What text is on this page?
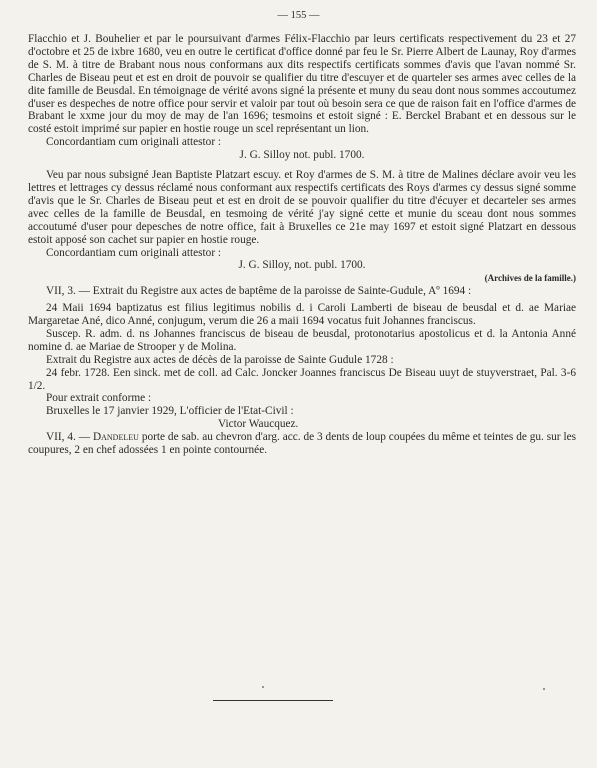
— 155 —

Flacchio et J. Bouhelier et par le poursuivant d'armes Félix-Flacchio par leurs certificats respectivement du 23 et 27 d'octobre et 25 de ixbre 1680, veu en outre le certificat d'office donné par feu le Sr. Pierre Albert de Launay, Roy d'armes de S. M. à titre de Brabant nous nous conformans aux dits respectifs certificats sommes d'avis que l'avan nommé Sr. Charles de Biseau peut et est en droit de pouvoir se qualifier du titre d'escuyer et de quarteler ses armes avec celles de la dite famille de Beusdal. En témoignage de vérité avons signé la présente et muny du seau dont nous sommes accoutumez d'user es despeches de notre office pour servir et valoir par tout où besoin sera ce que de raison fait en l'office d'armes de Brabant le xxme jour du moy de may de l'an 1696; tesmoins et estoit signé : E. Berckel Brabant et en dessous sur le costé estoit imprimé sur papier en hostie rouge un scel représentant un lion.

Concordantiam cum originali attestor :

J. G. Silloy not. publ. 1700.

Veu par nous subsigné Jean Baptiste Platzart escuy. et Roy d'armes de S. M. à titre de Malines déclare avoir veu les lettres et lettrages cy dessus réclamé nous conformant aux respectifs certificats des Roys d'armes cy dessus signé somme d'avis que le Sr. Charles de Biseau peut et est en droit de se pouvoir qualifier du titre d'écuyer et decarteler ses armes avec celles de la famille de Beusdal, en tesmoing de vérité j'ay signé cette et munie du sceau dont nous sommes accoutumé d'user pour depesches de notre office, fait à Bruxelles ce 21e may 1697 et estoit signé Platzart en dessous estoit apposé son cachet sur papier en hostie rouge.

Concordantiam cum originali attestor :

J. G. Silloy, not. publ. 1700.

(Archives de la famille.)

VII, 3. — Extrait du Registre aux actes de baptême de la paroisse de Sainte-Gudule, Aº 1694 :

24 Maii 1694 baptizatus est filius legitimus nobilis d. i Caroli Lamberti de biseau de beusdal et d. ae Mariae Margaretae Ané, dico Anné, conjugum, verum die 26 a maii 1694 vocatus fuit Johannes franciscus.

Suscep. R. adm. d. ns Johannes franciscus de biseau de beusdal, protonotarius apostolicus et d. la Antonia Anné nomine d. ae Mariae de Strooper y de Molina.

Extrait du Registre aux actes de décès de la paroisse de Sainte Gudule 1728 :

24 febr. 1728. Een sinck. met de coll. ad Calc. Joncker Joannes franciscus De Biseau uuyt de stuyverstraet, Pal. 3-6 1/2.

Pour extrait conforme :

Bruxelles le 17 janvier 1929, L'officier de l'Etat-Civil :

Victor Waucquez.

VII, 4. — Dandeleu porte de sab. au chevron d'arg. acc. de 3 dents de loup coupées du même et teintes de gu. sur les coupures, 2 en chef adossées 1 en pointe contournée.
